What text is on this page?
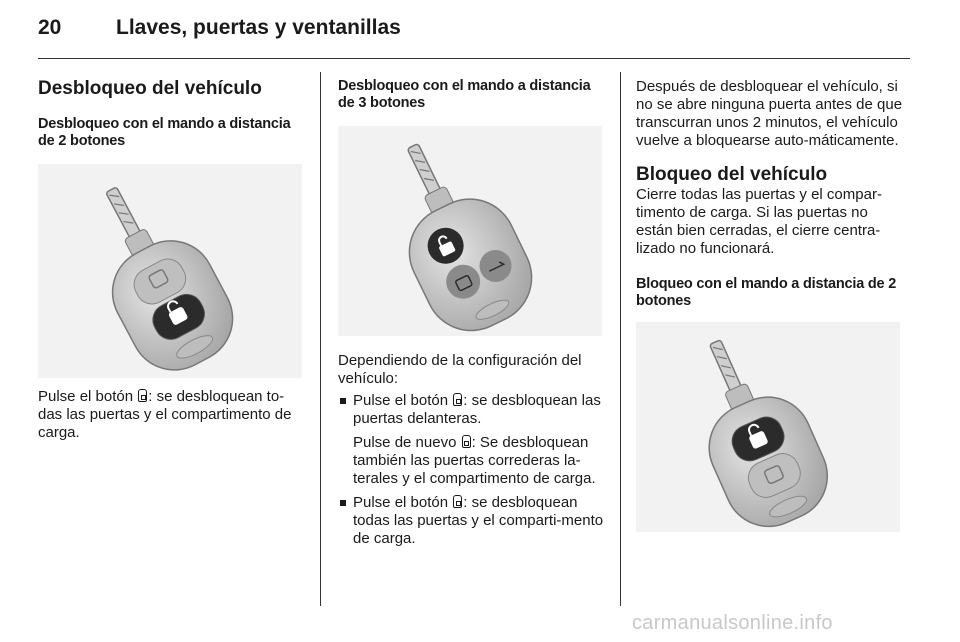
20	Llaves, puertas y ventanillas
Desbloqueo del vehículo
Desbloqueo con el mando a distancia de 2 botones

Pulse el botón : se desbloquean to-das las puertas y el compartimento de carga.

Desbloqueo con el mando a distancia de 3 botones

Dependiendo de la configuración del vehículo:

Pulse el botón : se desbloquean las puertas delanteras.

Pulse de nuevo : Se desbloquean también las puertas correderas la-terales y el compartimento de carga.

Pulse el botón : se desbloquean todas las puertas y el comparti-mento de carga.

Después de desbloquear el vehículo, si no se abre ninguna puerta antes de que transcurran unos 2 minutos, el vehículo vuelve a bloquearse auto-máticamente.

Bloqueo del vehículo

Cierre todas las puertas y el compar-timento de carga. Si las puertas no están bien cerradas, el cierre centra-lizado no funcionará.

Bloqueo con el mando a distancia de 2 botones
carmanualsonline.info
